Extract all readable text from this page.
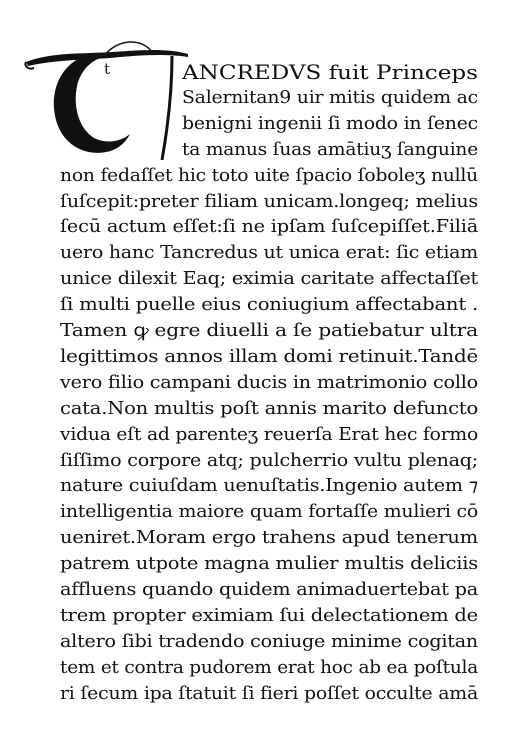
t	ANCREDVS fuit Princeps
Salernitan9 uir mitis quidem ac
benigni ingenii ſi modo in ſenec
ta manus ſuas amātiuʒ ſanguine
non fedaſſet hic toto uite ſpacio ſoboleʒ nullū
ſuſcepit:preter filiam unicam.longeq; melius
ſecū actum eſſet:ſi ne ipſam ſuſcepiſſet.Filiā
uero hanc Tancredus ut unica erat: ſic etiam
unice dilexit Eaq; eximia caritate affectaſſet
ſi multi puelle eius coniugium affectabant .
Tamen ꝙ egre diuelli a ſe patiebatur ultra
legittimos annos illam domi retinuit.Tandē
vero filio campani ducis in matrimonio collo
cata.Non multis poſt annis marito defuncto
vidua eſt ad parenteʒ reuerſa Erat hec formo
ſiſſimo corpore atq; pulcherrio vultu plenaq;
nature cuiuſdam uenuſtatis.Ingenio autem ⁊
intelligentia maiore quam fortaſſe mulieri cō
ueniret.Moram ergo trahens apud tenerum
patrem utpote magna mulier multis deliciis
affluens quando quidem animaduertebat pa
trem propter eximiam ſui delectationem de
altero ſibi tradendo coniuge minime cogitan
tem et contra pudorem erat hoc ab ea poſtula
ri ſecum ipa ſtatuit ſi fieri poſſet occulte amā
